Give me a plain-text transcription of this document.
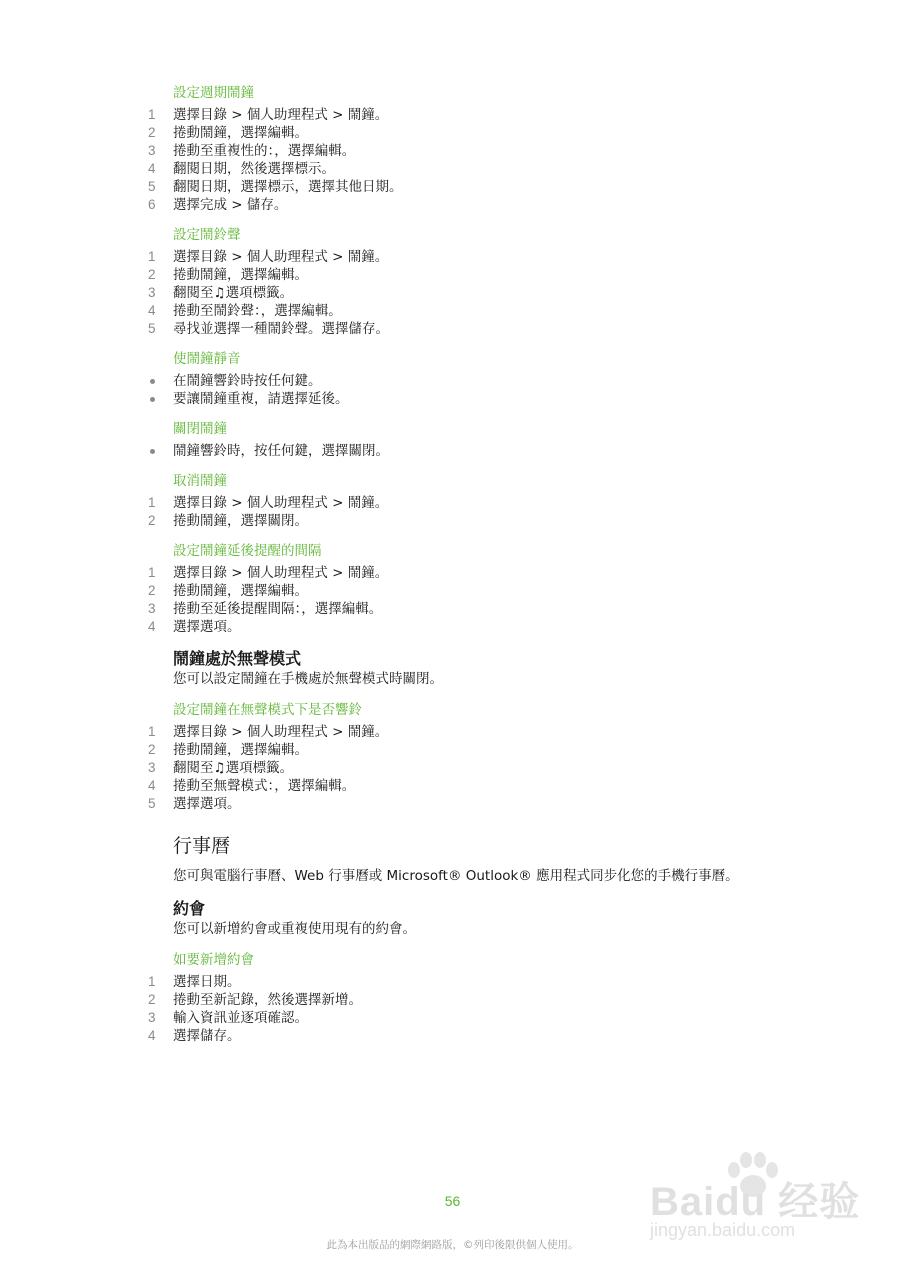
設定週期鬧鐘
1	選擇目錄 > 個人助理程式 > 鬧鐘。
2	捲動鬧鐘，選擇編輯。
3	捲動至重複性的：，選擇編輯。
4	翻閱日期，然後選擇標示。
5	翻閱日期，選擇標示，選擇其他日期。
6	選擇完成 > 儲存。
設定鬧鈴聲
1	選擇目錄 > 個人助理程式 > 鬧鐘。
2	捲動鬧鐘，選擇編輯。
3	翻閱至♫選項標籤。
4	捲動至鬧鈴聲：，選擇編輯。
5	尋找並選擇一種鬧鈴聲。選擇儲存。
使鬧鐘靜音
在鬧鐘響鈴時按任何鍵。
要讓鬧鐘重複，請選擇延後。
關閉鬧鐘
鬧鐘響鈴時，按任何鍵，選擇關閉。
取消鬧鐘
1	選擇目錄 > 個人助理程式 > 鬧鐘。
2	捲動鬧鐘，選擇關閉。
設定鬧鐘延後提醒的間隔
1	選擇目錄 > 個人助理程式 > 鬧鐘。
2	捲動鬧鐘，選擇編輯。
3	捲動至延後提醒間隔：，選擇編輯。
4	選擇選項。
鬧鐘處於無聲模式
您可以設定鬧鐘在手機處於無聲模式時關閉。
設定鬧鐘在無聲模式下是否響鈴
1	選擇目錄 > 個人助理程式 > 鬧鐘。
2	捲動鬧鐘，選擇編輯。
3	翻閱至♫選項標籤。
4	捲動至無聲模式：，選擇編輯。
5	選擇選項。
行事曆
您可與電腦行事曆、Web 行事曆或 Microsoft® Outlook® 應用程式同步化您的手機行事曆。
約會
您可以新增約會或重複使用現有的約會。
如要新增約會
1	選擇日期。
2	捲動至新記錄，然後選擇新增。
3	輸入資訊並逐項確認。
4	選擇儲存。
56
此為本出版品的網際網路版，©列印後限供個人使用。
Baidu 经验
jingyan.baidu.com
